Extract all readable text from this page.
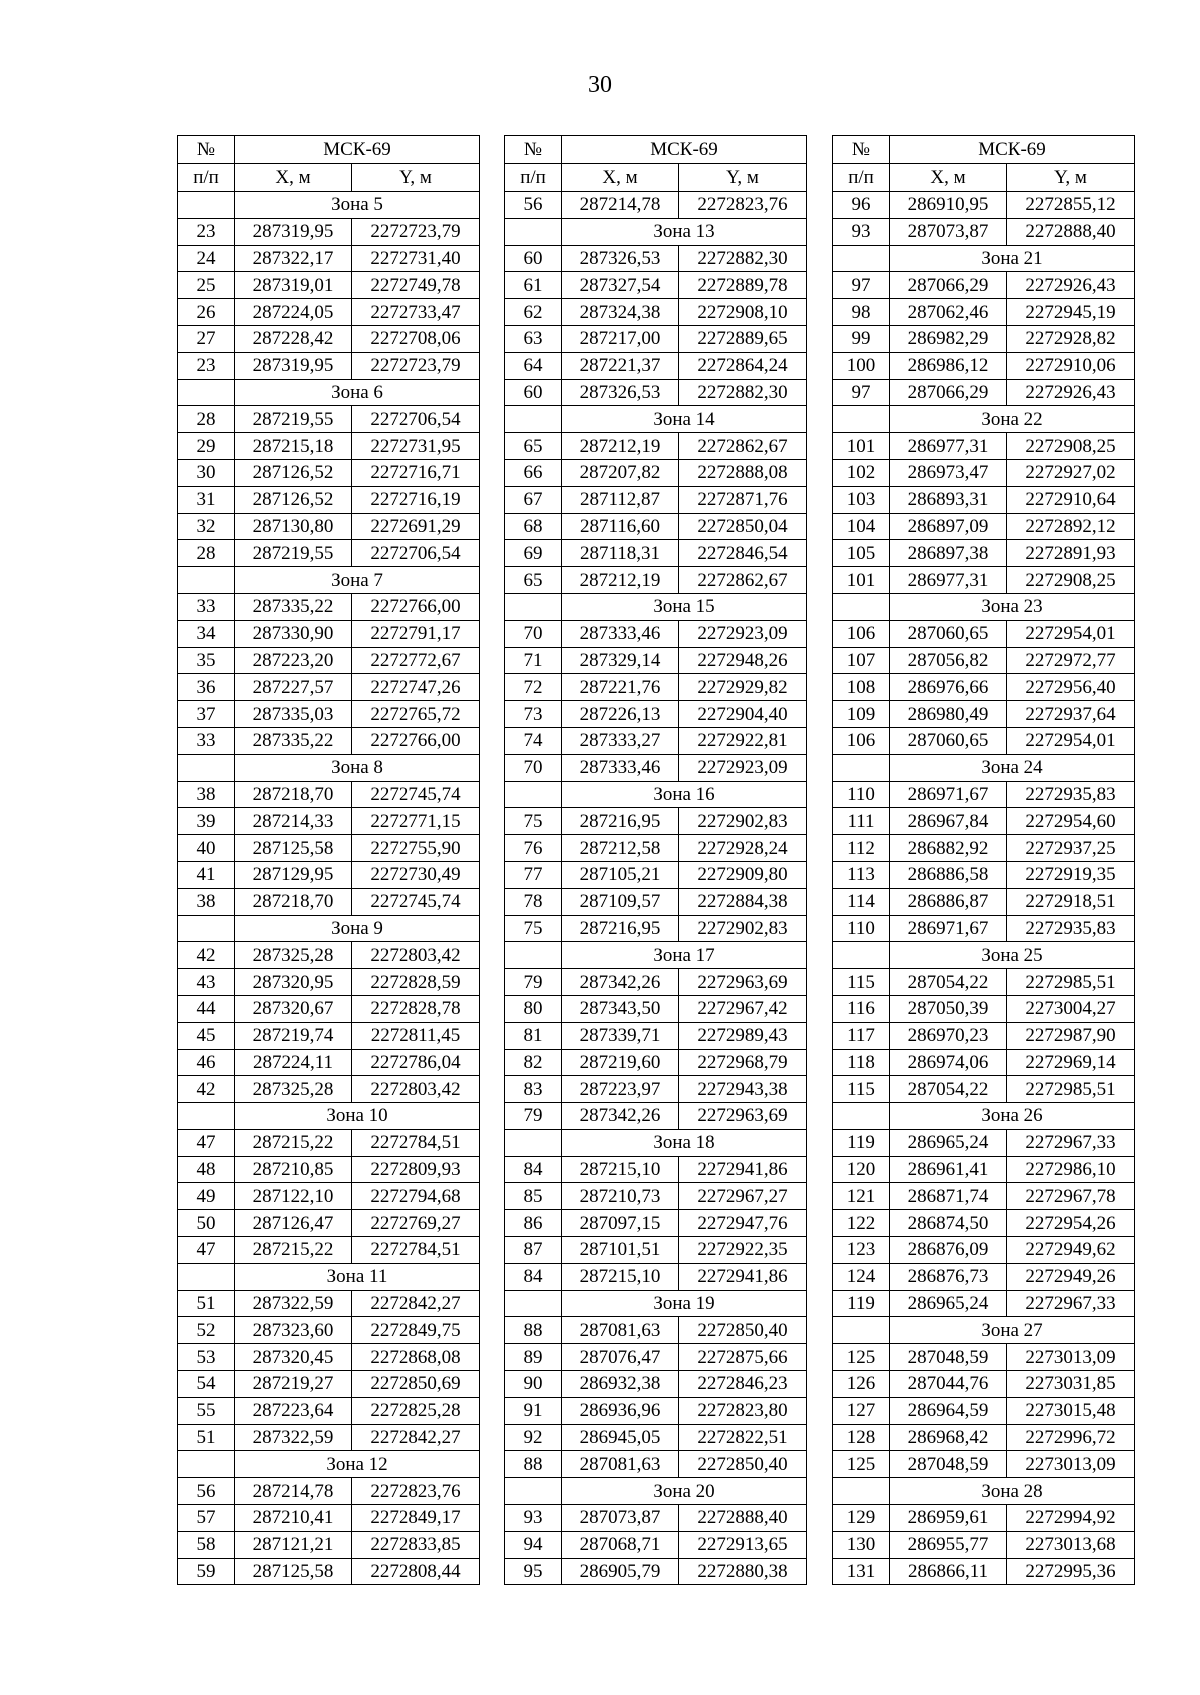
30
№	МСК-69	
п/п	X, м	Y, м
	Зона 5	
23	287319,95	2272723,79
24	287322,17	2272731,40
25	287319,01	2272749,78
26	287224,05	2272733,47
27	287228,42	2272708,06
23	287319,95	2272723,79
	Зона 6	
28	287219,55	2272706,54
29	287215,18	2272731,95
30	287126,52	2272716,71
31	287126,52	2272716,19
32	287130,80	2272691,29
28	287219,55	2272706,54
	Зона 7	
33	287335,22	2272766,00
34	287330,90	2272791,17
35	287223,20	2272772,67
36	287227,57	2272747,26
37	287335,03	2272765,72
33	287335,22	2272766,00
	Зона 8	
38	287218,70	2272745,74
39	287214,33	2272771,15
40	287125,58	2272755,90
41	287129,95	2272730,49
38	287218,70	2272745,74
	Зона 9	
42	287325,28	2272803,42
43	287320,95	2272828,59
44	287320,67	2272828,78
45	287219,74	2272811,45
46	287224,11	2272786,04
42	287325,28	2272803,42
	Зона 10	
47	287215,22	2272784,51
48	287210,85	2272809,93
49	287122,10	2272794,68
50	287126,47	2272769,27
47	287215,22	2272784,51
	Зона 11	
51	287322,59	2272842,27
52	287323,60	2272849,75
53	287320,45	2272868,08
54	287219,27	2272850,69
55	287223,64	2272825,28
51	287322,59	2272842,27
	Зона 12	
56	287214,78	2272823,76
57	287210,41	2272849,17
58	287121,21	2272833,85
59	287125,58	2272808,44
№	МСК-69	
п/п	X, м	Y, м
56	287214,78	2272823,76
	Зона 13	
60	287326,53	2272882,30
61	287327,54	2272889,78
62	287324,38	2272908,10
63	287217,00	2272889,65
64	287221,37	2272864,24
60	287326,53	2272882,30
	Зона 14	
65	287212,19	2272862,67
66	287207,82	2272888,08
67	287112,87	2272871,76
68	287116,60	2272850,04
69	287118,31	2272846,54
65	287212,19	2272862,67
	Зона 15	
70	287333,46	2272923,09
71	287329,14	2272948,26
72	287221,76	2272929,82
73	287226,13	2272904,40
74	287333,27	2272922,81
70	287333,46	2272923,09
	Зона 16	
75	287216,95	2272902,83
76	287212,58	2272928,24
77	287105,21	2272909,80
78	287109,57	2272884,38
75	287216,95	2272902,83
	Зона 17	
79	287342,26	2272963,69
80	287343,50	2272967,42
81	287339,71	2272989,43
82	287219,60	2272968,79
83	287223,97	2272943,38
79	287342,26	2272963,69
	Зона 18	
84	287215,10	2272941,86
85	287210,73	2272967,27
86	287097,15	2272947,76
87	287101,51	2272922,35
84	287215,10	2272941,86
	Зона 19	
88	287081,63	2272850,40
89	287076,47	2272875,66
90	286932,38	2272846,23
91	286936,96	2272823,80
92	286945,05	2272822,51
88	287081,63	2272850,40
	Зона 20	
93	287073,87	2272888,40
94	287068,71	2272913,65
95	286905,79	2272880,38
№	МСК-69	
п/п	X, м	Y, м
96	286910,95	2272855,12
93	287073,87	2272888,40
	Зона 21	
97	287066,29	2272926,43
98	287062,46	2272945,19
99	286982,29	2272928,82
100	286986,12	2272910,06
97	287066,29	2272926,43
	Зона 22	
101	286977,31	2272908,25
102	286973,47	2272927,02
103	286893,31	2272910,64
104	286897,09	2272892,12
105	286897,38	2272891,93
101	286977,31	2272908,25
	Зона 23	
106	287060,65	2272954,01
107	287056,82	2272972,77
108	286976,66	2272956,40
109	286980,49	2272937,64
106	287060,65	2272954,01
	Зона 24	
110	286971,67	2272935,83
111	286967,84	2272954,60
112	286882,92	2272937,25
113	286886,58	2272919,35
114	286886,87	2272918,51
110	286971,67	2272935,83
	Зона 25	
115	287054,22	2272985,51
116	287050,39	2273004,27
117	286970,23	2272987,90
118	286974,06	2272969,14
115	287054,22	2272985,51
	Зона 26	
119	286965,24	2272967,33
120	286961,41	2272986,10
121	286871,74	2272967,78
122	286874,50	2272954,26
123	286876,09	2272949,62
124	286876,73	2272949,26
119	286965,24	2272967,33
	Зона 27	
125	287048,59	2273013,09
126	287044,76	2273031,85
127	286964,59	2273015,48
128	286968,42	2272996,72
125	287048,59	2273013,09
	Зона 28	
129	286959,61	2272994,92
130	286955,77	2273013,68
131	286866,11	2272995,36
